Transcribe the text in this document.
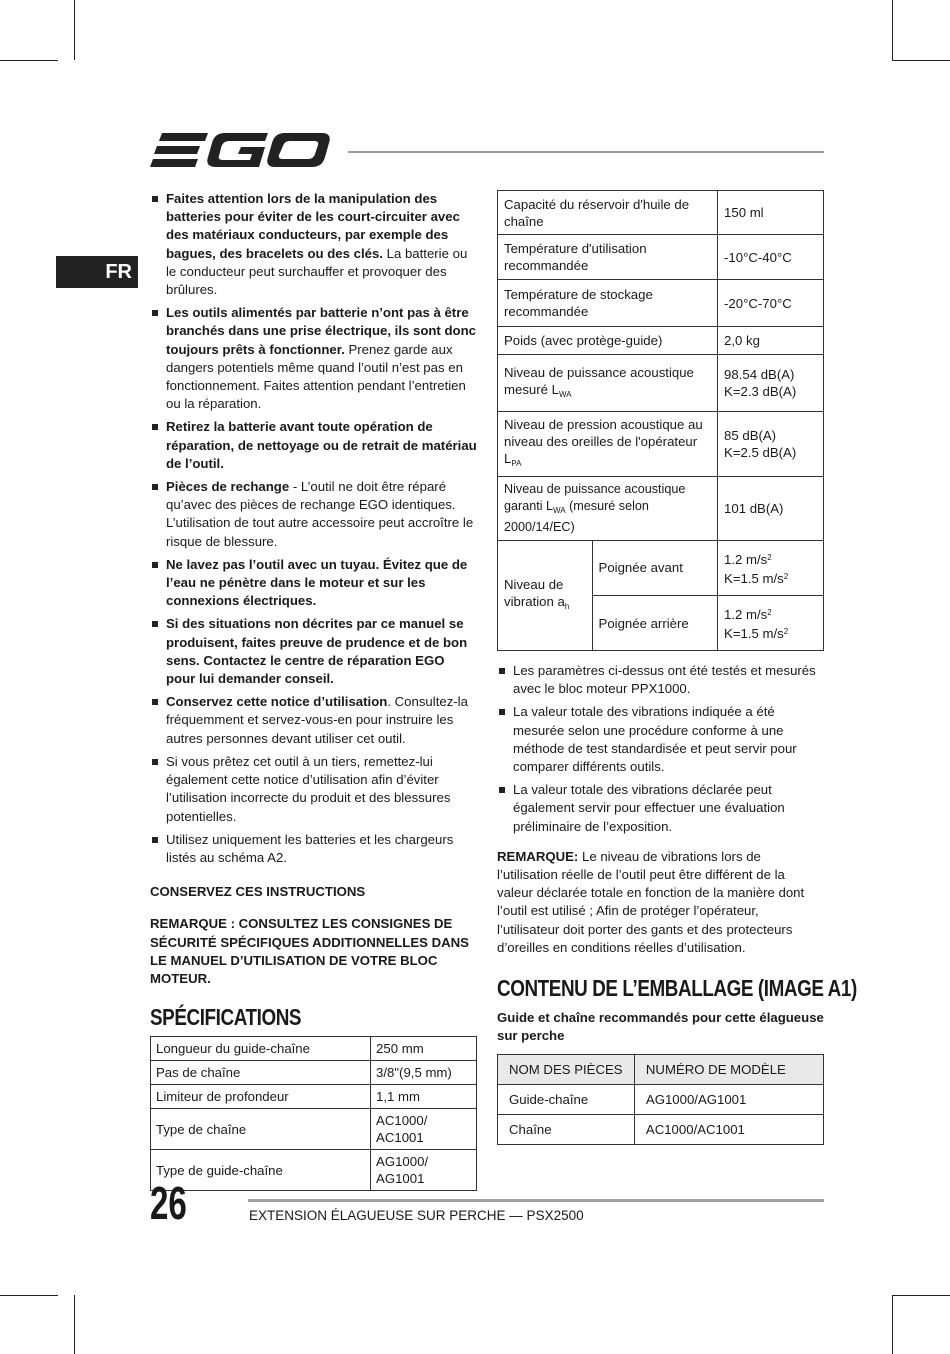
FR
Faites attention lors de la manipulation des batteries pour éviter de les court-circuiter avec des matériaux conducteurs, par exemple des bagues, des bracelets ou des clés. La batterie ou le conducteur peut surchauffer et provoquer des brûlures.
Les outils alimentés par batterie n’ont pas à être branchés dans une prise électrique, ils sont donc toujours prêts à fonctionner. Prenez garde aux dangers potentiels même quand l’outil n’est pas en fonctionnement. Faites attention pendant l’entretien ou la réparation.
Retirez la batterie avant toute opération de réparation, de nettoyage ou de retrait de matériau de l’outil.
Pièces de rechange - L’outil ne doit être réparé qu’avec des pièces de rechange EGO identiques. L’utilisation de tout autre accessoire peut accroître le risque de blessure.
Ne lavez pas l’outil avec un tuyau. Évitez que de l’eau ne pénètre dans le moteur et sur les connexions électriques.
Si des situations non décrites par ce manuel se produisent, faites preuve de prudence et de bon sens. Contactez le centre de réparation EGO pour lui demander conseil.
Conservez cette notice d’utilisation. Consultez-la fréquemment et servez-vous-en pour instruire les autres personnes devant utiliser cet outil.
Si vous prêtez cet outil à un tiers, remettez-lui également cette notice d’utilisation afin d’éviter l’utilisation incorrecte du produit et des blessures potentielles.
Utilisez uniquement les batteries et les chargeurs listés au schéma A2.
CONSERVEZ CES INSTRUCTIONS
REMARQUE : CONSULTEZ LES CONSIGNES DE SÉCURITÉ SPÉCIFIQUES ADDITIONNELLES DANS LE MANUEL D’UTILISATION DE VOTRE BLOC MOTEUR.
SPÉCIFICATIONS
Longueur du guide-chaîne	250 mm
Pas de chaîne	3/8"(9,5 mm)
Limiteur de profondeur	1,1 mm
Type de chaîne	AC1000/
AC1001
Type de guide-chaîne	AG1000/
AG1001
Capacité du réservoir d'huile de chaîne		150 ml
Température d'utilisation recommandée		-10°C-40°C
Température de stockage recommandée		-20°C-70°C
Poids (avec protège-guide)		2,0 kg
Niveau de puissance acoustique mesuré $L_{WA}$		98.54 dB(A)
K=2.3 dB(A)

Niveau de pression acoustique au niveau des oreilles de l'opérateur $L_{PA}$		85 dB(A)
K=2.5 dB(A)

Niveau de puissance acoustique garanti $L_{WA}$ (mesuré selon 2000/14/EC)		101 dB(A)
Niveau de vibration $a_h$	Poignée avant	1.2 $m/s^2$
K=1.5 $m/s^2$

	Poignée arrière	1.2 $m/s^2$
K=1.5 $m/s^2$
Les paramètres ci-dessus ont été testés et mesurés avec le bloc moteur PPX1000.
La valeur totale des vibrations indiquée a été mesurée selon une procédure conforme à une méthode de test standardisée et peut servir pour comparer différents outils.
La valeur totale des vibrations déclarée peut également servir pour effectuer une évaluation préliminaire de l’exposition.
REMARQUE: Le niveau de vibrations lors de l’utilisation réelle de l’outil peut être différent de la valeur déclarée totale en fonction de la manière dont l’outil est utilisé ; Afin de protéger l’opérateur, l’utilisateur doit porter des gants et des protecteurs d’oreilles en conditions réelles d’utilisation.
CONTENU DE L’EMBALLAGE (IMAGE A1)
Guide et chaîne recommandés pour cette élagueuse sur perche
NOM DES PIÈCES	NUMÉRO DE MODÈLE
Guide-chaîne	AG1000/AG1001
Chaîne	AC1000/AC1001
26	EXTENSION ÉLAGUEUSE SUR PERCHE — PSX2500
